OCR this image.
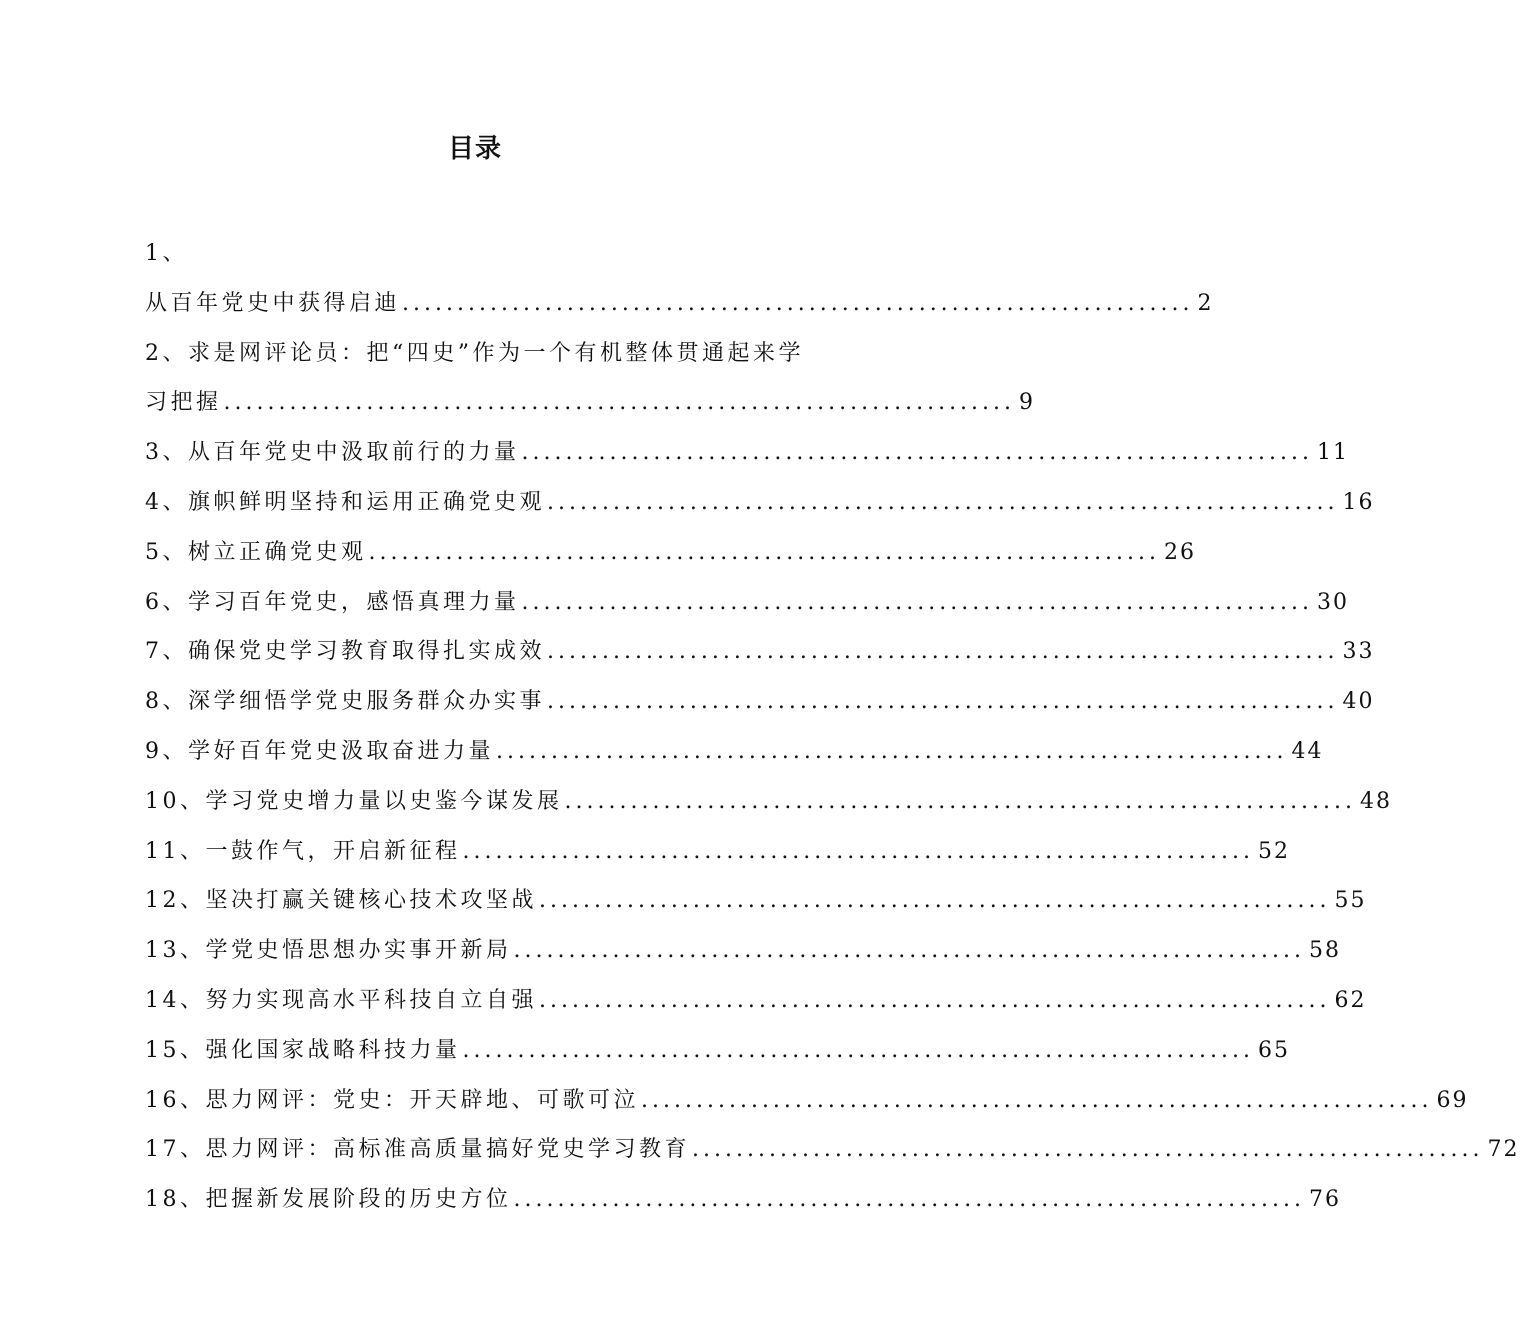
目录
1、
从百年党史中获得启迪 ........................................................................ 2
2、 求是网评论员：把“四史”作为一个有机整体贯通起来学
习把握 ........................................................................ 9
3、 从百年党史中汲取前行的力量 ........................................................................ 11
4、 旗帜鲜明坚持和运用正确党史观 ........................................................................ 16
5、 树立正确党史观 ........................................................................ 26
6、 学习百年党史，感悟真理力量 ........................................................................ 30
7、 确保党史学习教育取得扎实成效 ........................................................................ 33
8、 深学细悟学党史服务群众办实事 ........................................................................ 40
9、 学好百年党史汲取奋进力量 ........................................................................ 44
10、 学习党史增力量以史鉴今谋发展 ........................................................................ 48
11、 一鼓作气，开启新征程 ........................................................................ 52
12、 坚决打赢关键核心技术攻坚战 ........................................................................ 55
13、 学党史悟思想办实事开新局 ........................................................................ 58
14、 努力实现高水平科技自立自强 ........................................................................ 62
15、 强化国家战略科技力量 ........................................................................ 65
16、 思力网评：党史：开天辟地、可歌可泣 ........................................................................ 69
17、 思力网评：高标准高质量搞好党史学习教育 ........................................................................ 72
18、 把握新发展阶段的历史方位 ........................................................................ 76
